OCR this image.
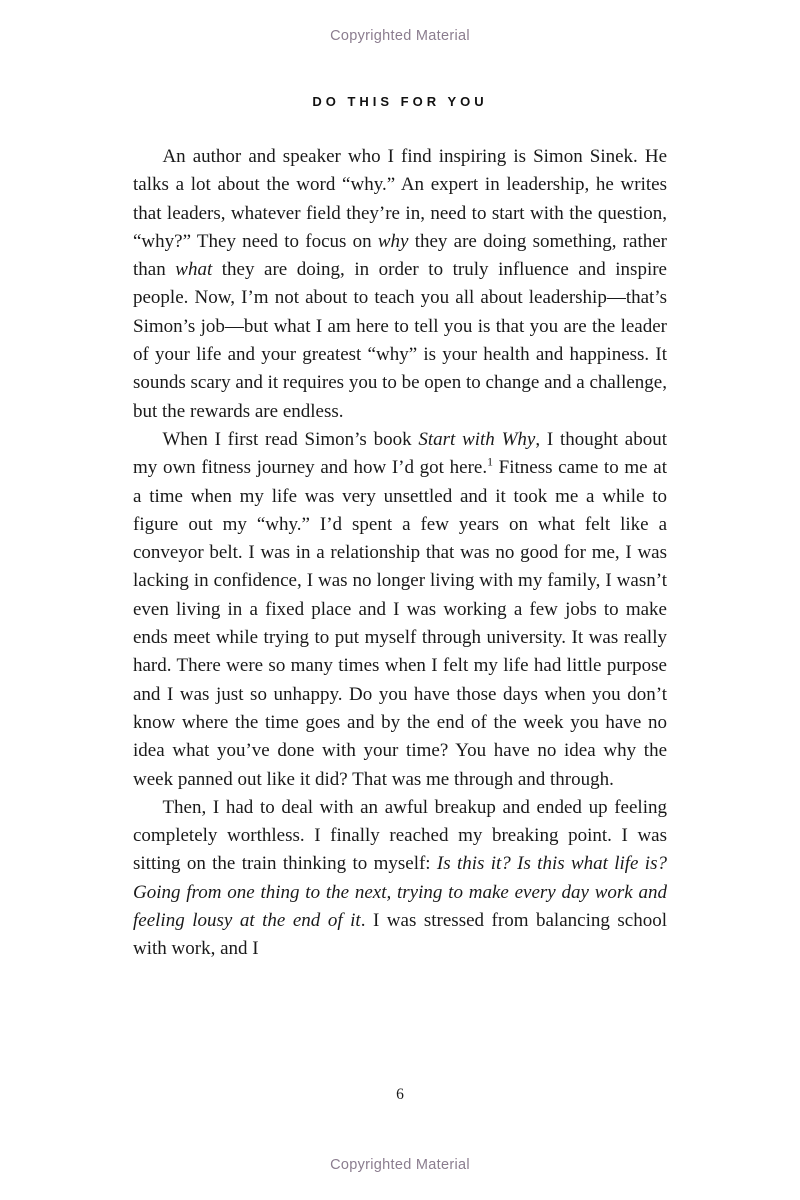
Copyrighted Material
DO THIS FOR YOU

An author and speaker who I find inspiring is Simon Sinek. He talks a lot about the word “why.” An expert in leadership, he writes that leaders, whatever field they’re in, need to start with the question, “why?” They need to focus on why they are doing something, rather than what they are doing, in order to truly influence and inspire people. Now, I’m not about to teach you all about leadership—that’s Simon’s job—but what I am here to tell you is that you are the leader of your life and your greatest “why” is your health and happiness. It sounds scary and it requires you to be open to change and a challenge, but the rewards are endless.

When I first read Simon’s book Start with Why, I thought about my own fitness journey and how I’d got here.$^1$ Fitness came to me at a time when my life was very unsettled and it took me a while to figure out my “why.” I’d spent a few years on what felt like a conveyor belt. I was in a relationship that was no good for me, I was lacking in confidence, I was no longer living with my family, I wasn’t even living in a fixed place and I was working a few jobs to make ends meet while trying to put myself through university. It was really hard. There were so many times when I felt my life had little purpose and I was just so unhappy. Do you have those days when you don’t know where the time goes and by the end of the week you have no idea what you’ve done with your time? You have no idea why the week panned out like it did? That was me through and through.

Then, I had to deal with an awful breakup and ended up feeling completely worthless. I finally reached my breaking point. I was sitting on the train thinking to myself: Is this it? Is this what life is? Going from one thing to the next, trying to make every day work and feeling lousy at the end of it. I was stressed from balancing school with work, and I

6
Copyrighted Material
